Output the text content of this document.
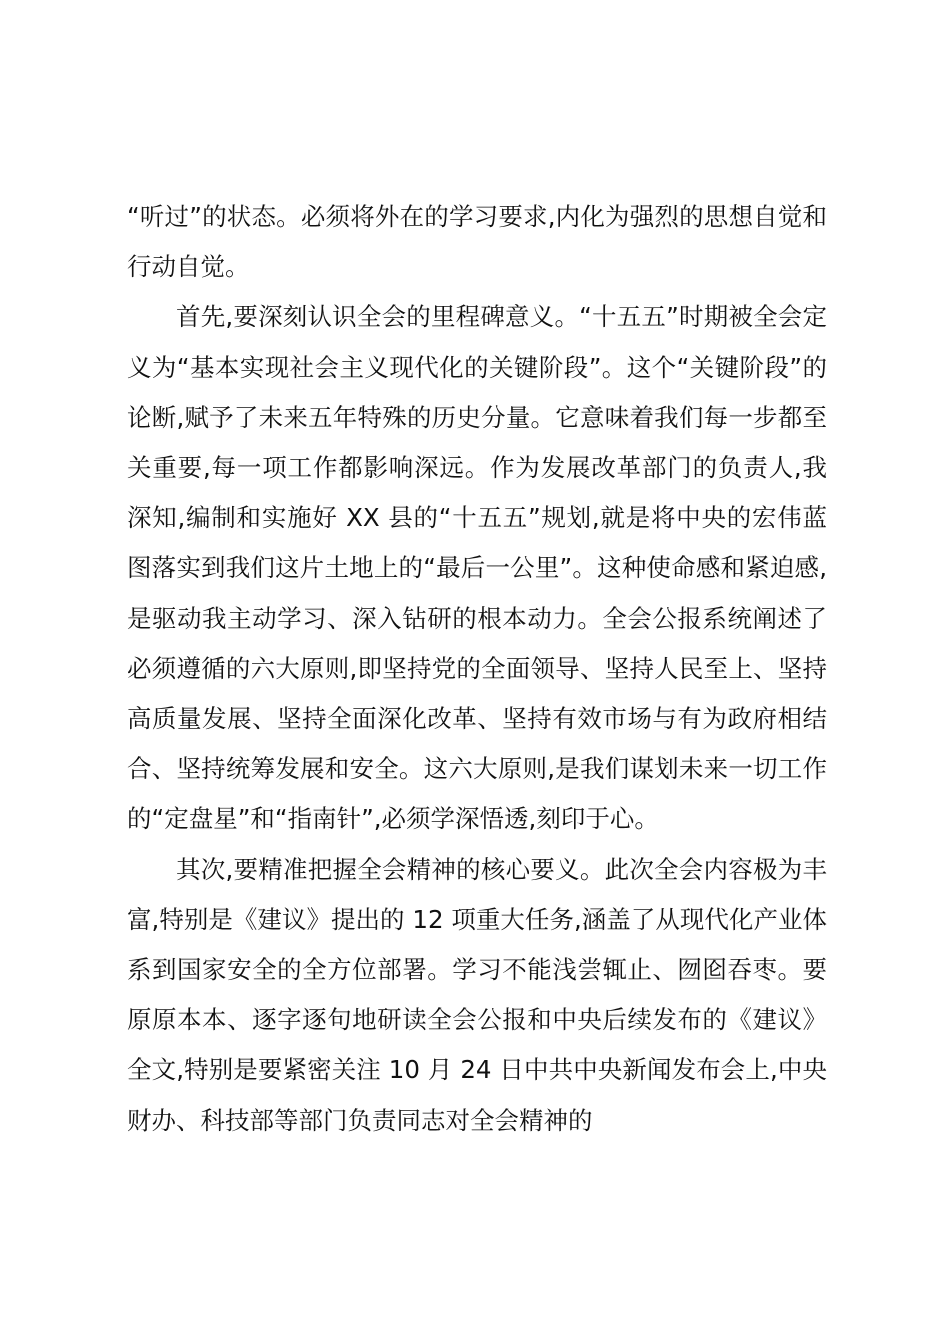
“听过”的状态。必须将外在的学习要求,内化为强烈的思想自觉和行动自觉。

首先,要深刻认识全会的里程碑意义。“十五五”时期被全会定义为“基本实现社会主义现代化的关键阶段”。这个“关键阶段”的论断,赋予了未来五年特殊的历史分量。它意味着我们每一步都至关重要,每一项工作都影响深远。作为发展改革部门的负责人,我深知,编制和实施好 XX 县的“十五五”规划,就是将中央的宏伟蓝图落实到我们这片土地上的“最后一公里”。这种使命感和紧迫感,是驱动我主动学习、深入钻研的根本动力。全会公报系统阐述了必须遵循的六大原则,即坚持党的全面领导、坚持人民至上、坚持高质量发展、坚持全面深化改革、坚持有效市场与有为政府相结合、坚持统筹发展和安全。这六大原则,是我们谋划未来一切工作的“定盘星”和“指南针”,必须学深悟透,刻印于心。

其次,要精准把握全会精神的核心要义。此次全会内容极为丰富,特别是《建议》提出的 12 项重大任务,涵盖了从现代化产业体系到国家安全的全方位部署。学习不能浅尝辄止、囫囵吞枣。要原原本本、逐字逐句地研读全会公报和中央后续发布的《建议》全文,特别是要紧密关注 10 月 24 日中共中央新闻发布会上,中央财办、科技部等部门负责同志对全会精神的
